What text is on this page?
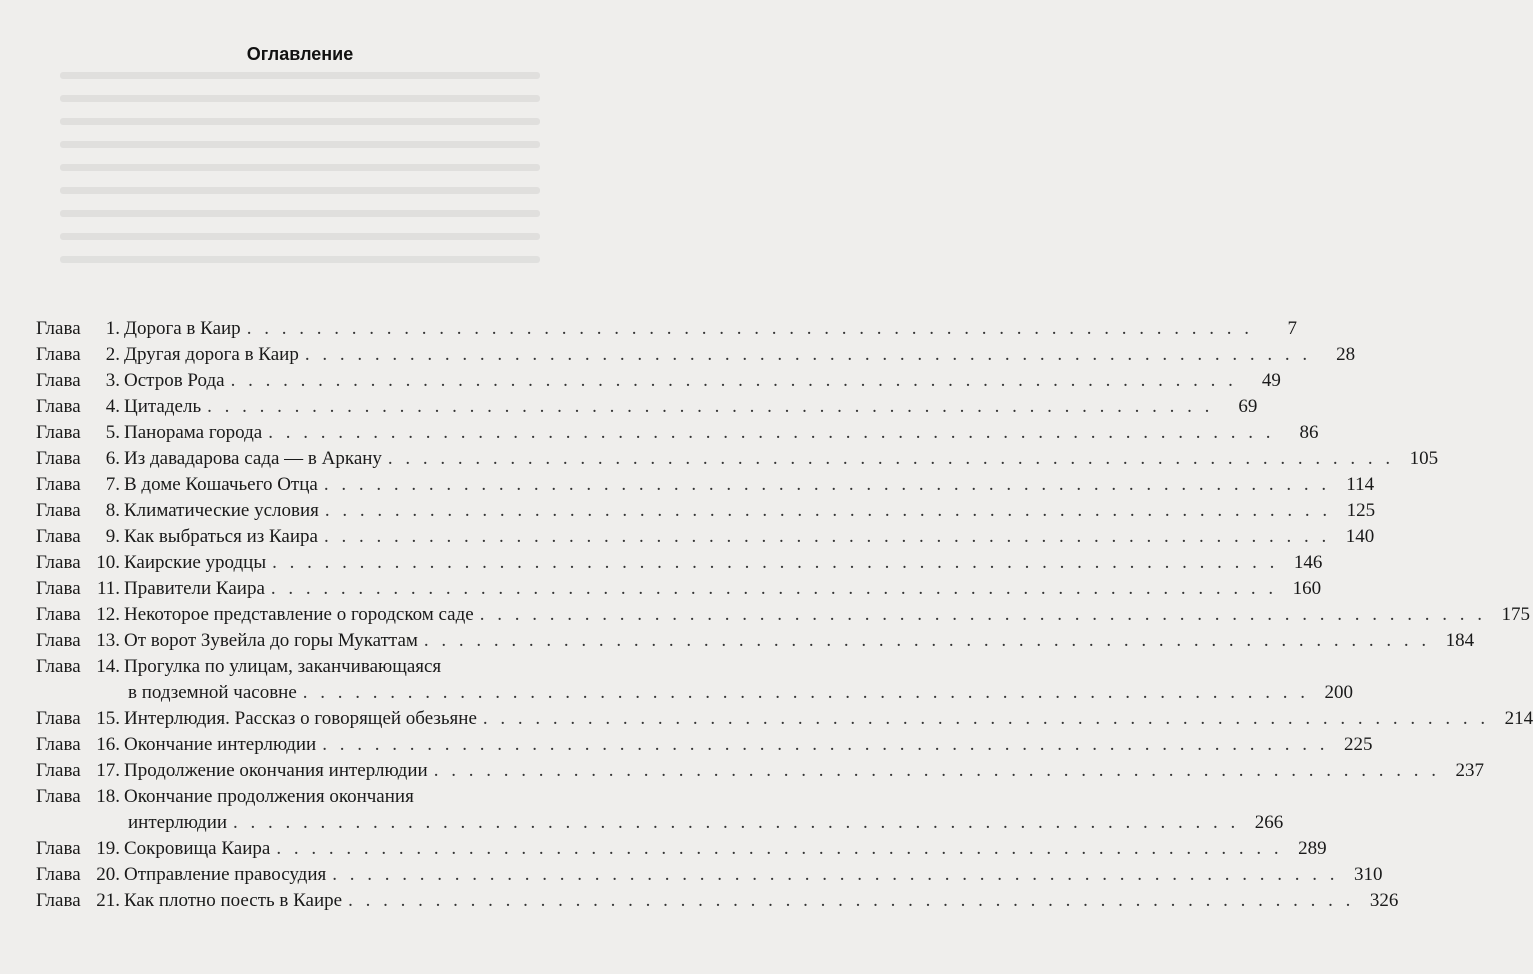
Оглавление
Глава	1. Дорога в Каир . . . . . . . . . . . . . . . . . . . . . . . . . . . . . . . . . . . . . . . . . . . . . . . . . . . . . . . . . .	7
Глава	2. Другая дорога в Каир . . . . . . . . . . . . . . . . . . . . . . . . . . . . . . . . . . . . . . . . . . . . . . . . . . . . . . . . . .	28
Глава	3. Остров Рода . . . . . . . . . . . . . . . . . . . . . . . . . . . . . . . . . . . . . . . . . . . . . . . . . . . . . . . . . .	49
Глава	4. Цитадель . . . . . . . . . . . . . . . . . . . . . . . . . . . . . . . . . . . . . . . . . . . . . . . . . . . . . . . . . .	69
Глава	5. Панорама города . . . . . . . . . . . . . . . . . . . . . . . . . . . . . . . . . . . . . . . . . . . . . . . . . . . . . . . . . .	86
Глава	6. Из давадарова сада — в Аркану . . . . . . . . . . . . . . . . . . . . . . . . . . . . . . . . . . . . . . . . . . . . . . . . . . . . . . . . . . 105
Глава	7. В доме Кошачьего Отца . . . . . . . . . . . . . . . . . . . . . . . . . . . . . . . . . . . . . . . . . . . . . . . . . . . . . . . . . . 114
Глава	8. Климатические условия . . . . . . . . . . . . . . . . . . . . . . . . . . . . . . . . . . . . . . . . . . . . . . . . . . . . . . . . . . 125
Глава	9. Как выбраться из Каира . . . . . . . . . . . . . . . . . . . . . . . . . . . . . . . . . . . . . . . . . . . . . . . . . . . . . . . . . . 140
Глава 10. Каирские уродцы . . . . . . . . . . . . . . . . . . . . . . . . . . . . . . . . . . . . . . . . . . . . . . . . . . . . . . . . . . 146
Глава 11. Правители Каира . . . . . . . . . . . . . . . . . . . . . . . . . . . . . . . . . . . . . . . . . . . . . . . . . . . . . . . . . . 160
Глава 12. Некоторое представление о городском саде . . . . . . . . . . . . . . . . . . . . . . . . . . . . . . . . . . . . . . . . . . . . . . . . . . . . . . . . . . 175
Глава 13. От ворот Зувейла до горы Мукаттам . . . . . . . . . . . . . . . . . . . . . . . . . . . . . . . . . . . . . . . . . . . . . . . . . . . . . . . . . . 184
Глава 14. Прогулка по улицам, заканчивающаяся
в подземной часовне . . . . . . . . . . . . . . . . . . . . . . . . . . . . . . . . . . . . . . . . . . . . . . . . . . . . . . . . . . 200
Глава 15. Интерлюдия. Рассказ о говорящей обезьяне . . . . . . . . . . . . . . . . . . . . . . . . . . . . . . . . . . . . . . . . . . . . . . . . . . . . . . . . . . 214
Глава 16. Окончание интерлюдии . . . . . . . . . . . . . . . . . . . . . . . . . . . . . . . . . . . . . . . . . . . . . . . . . . . . . . . . . . 225
Глава 17. Продолжение окончания интерлюдии . . . . . . . . . . . . . . . . . . . . . . . . . . . . . . . . . . . . . . . . . . . . . . . . . . . . . . . . . . 237
Глава 18. Окончание продолжения окончания
интерлюдии . . . . . . . . . . . . . . . . . . . . . . . . . . . . . . . . . . . . . . . . . . . . . . . . . . . . . . . . . . 266
Глава 19. Сокровища Каира . . . . . . . . . . . . . . . . . . . . . . . . . . . . . . . . . . . . . . . . . . . . . . . . . . . . . . . . . . 289
Глава 20. Отправление правосудия . . . . . . . . . . . . . . . . . . . . . . . . . . . . . . . . . . . . . . . . . . . . . . . . . . . . . . . . . . 310
Глава 21. Как плотно поесть в Каире . . . . . . . . . . . . . . . . . . . . . . . . . . . . . . . . . . . . . . . . . . . . . . . . . . . . . . . . . . 326
